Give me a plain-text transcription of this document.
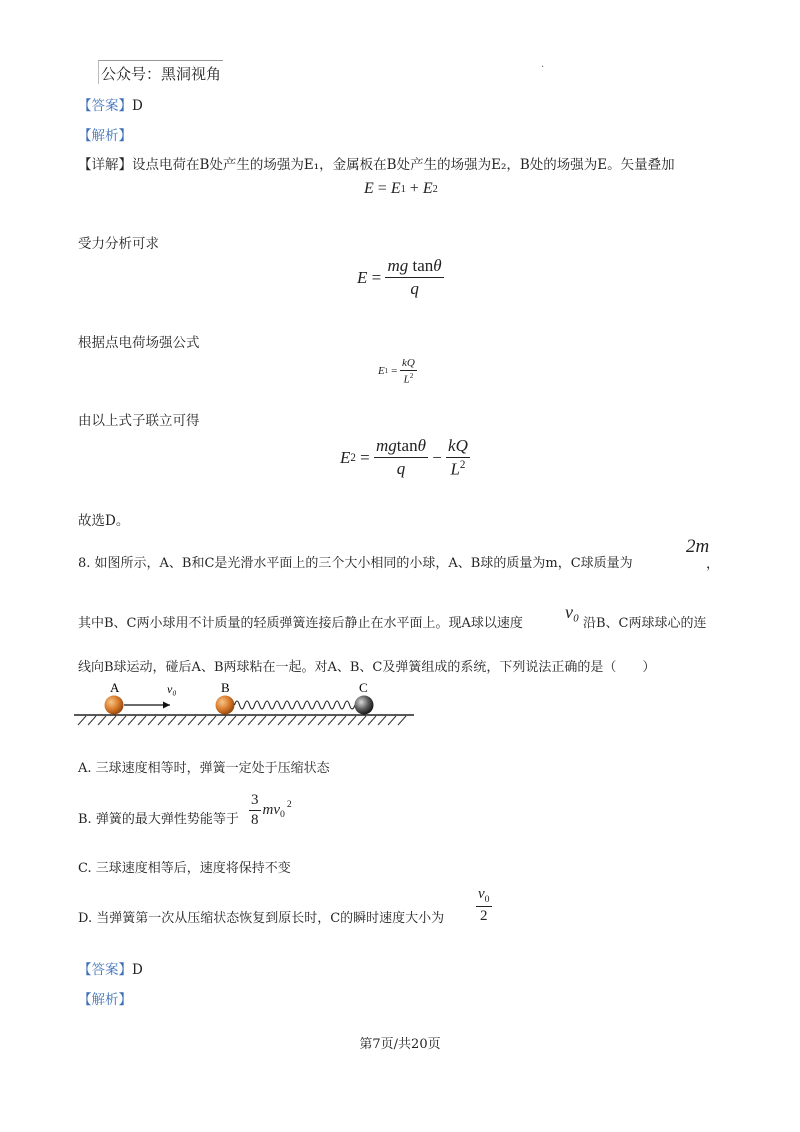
公众号：黑洞视角	·
【答案】D
【解析】
【详解】设点电荷在B处产生的场强为E₁，金属板在B处产生的场强为E₂，B处的场强为E。矢量叠加
E = E 1 + E 2
受力分析可求
$E = \frac{\text{mg tanθ}}{q}$
根据点电荷场强公式
E $1 = \frac{kQ}{L^2}$
由以上式子联立可得
E $2 = \frac{mgtan\theta}{q} - \frac{kQ}{L^2}$
故选D。
8. 如图所示，A、B和C是光滑水平面上的三个大小相同的小球，A、B球的质量为m，C球质量为
2m
，
其中B、C两小球用不计质量的轻质弹簧连接后静止在水平面上。现A球以速度
v₀
沿B、C两球球心的连
线向B球运动，碰后A、B两球粘在一起。对A、B、C及弹簧组成的系统，下列说法正确的是（　　）
A	v₀	B	C
A. 三球速度相等时，弹簧一定处于压缩状态
B. 弹簧的最大弹性势能等于 $\frac{3}{8} mv_0$
$^2$
C. 三球速度相等后，速度将保持不变
D. 当弹簧第一次从压缩状态恢复到原长时，C的瞬时速度大小为 $\frac{v_0}{2}$
【答案】D
【解析】
第7页/共20页
